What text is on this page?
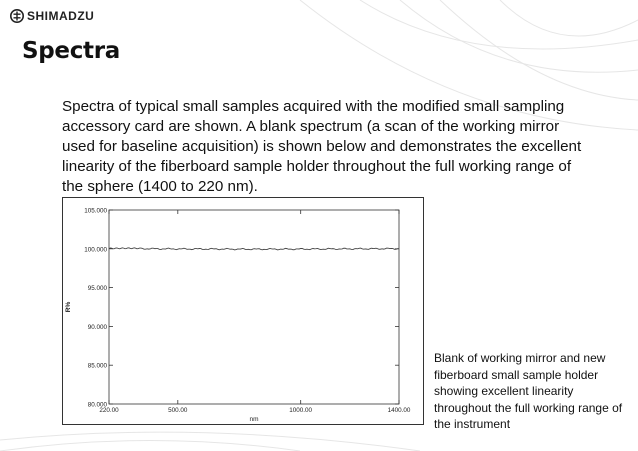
SHIMADZU
Spectra
Spectra of typical small samples acquired with the modified small sampling accessory card are shown. A blank spectrum (a scan of the working mirror used for baseline acquisition) is shown below and demonstrates the excellent linearity of the fiberboard sample holder throughout the full working range of the sphere (1400 to 220 nm).
105.000
100.000
95.000
90.000
85.000
80.000
220.00	500.00	1000.00	1400.00
nm
R%
Blank of working mirror and new fiberboard small sample holder showing excellent linearity throughout the full working range of the instrument
